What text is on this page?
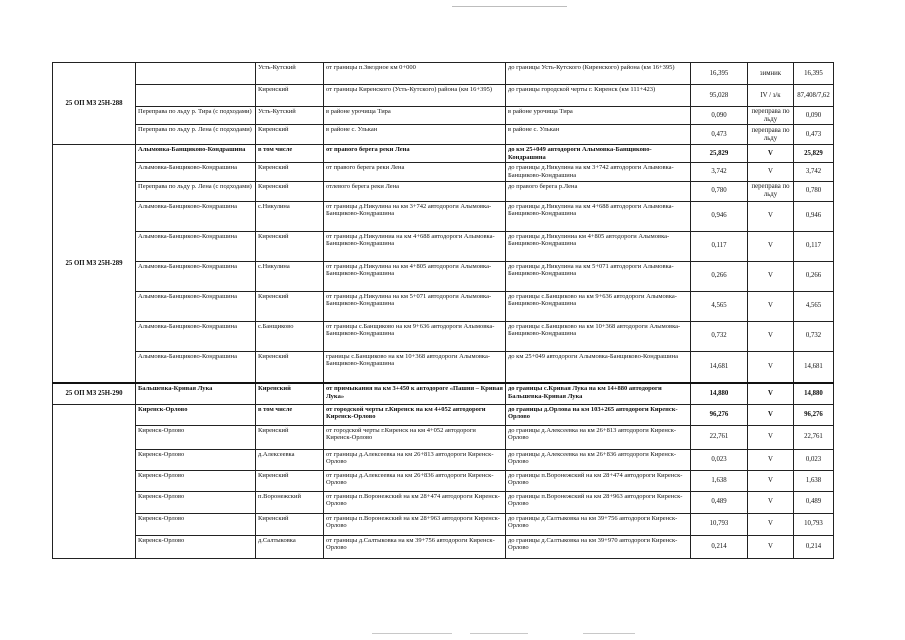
25 ОП МЗ 25Н-288		Усть-Кутский	от границы п.Звездное км 0+000	до границы Усть-Кутского (Киренского) района (км 16+395)	16,395	зимник	16,395
		Киренский	от границы Киренского (Усть-Кутского) района (км 16+395)	до границы городской черты г. Киренск (км 111+423)	95,028	IV / з/к	87,408/7,62
	Переправа по льду р. Тира (с подходами)	Усть-Кутский	в районе урочища Тира	в районе урочища Тира	0,090	переправа по льду	0,090
	Переправа по льду р. Лена (с подходами)	Киренский	в районе с. Улькан	в районе с. Улькан	0,473	переправа по льду	0,473
25 ОП МЗ 25Н-289	Алымовка-Банщиково-Кондрашина	в том числе	от правого берега реки Лена	до км 25+049 автодороги Алымовка-Банщиково-Кондрашина	25,829	V	25,829
	Алымовка-Банщиково-Кондрашина	Киренский	от правого берега реки Лена	до границы д.Никулина на км 3+742 автодороги Алымовка-Банщиково-Кондрашина	3,742	V	3,742
	Переправа по льду р. Лена (с подходами)	Киренский	отлевого берега реки Лена	до правого берега р.Лена	0,780	переправа по льду	0,780
	Алымовка-Банщиково-Кондрашина	с.Никулина	от границы д.Никулина на км 3+742 автодороги Алымовка-Банщиково-Кондрашина	до границы д.Никулина на км 4+688 автодороги Алымовка-Банщиково-Кондрашина	0,946	V	0,946
	Алымовка-Банщиково-Кондрашина	Киренский	от границы д.Никулиниа на км 4+688 автодороги Алымовка-Банщиково-Кондрашина	до границы д.Никулиниа км 4+805 автодороги Алымовка-Банщиково-Кондрашина	0,117	V	0,117
	Алымовка-Банщиково-Кондрашина	с.Никулина	от границы д.Никулина на км 4+805 автодороги Алымовка-Банщиково-Кондрашина	до границы д.Никулина на км 5+071 автодороги Алымовка-Банщиково-Кондрашина	0,266	V	0,266
	Алымовка-Банщиково-Кондрашина	Киренский	от границы д.Никулина на км 5+071 автодороги Алымовка-Банщиково-Кондрашина	до границы с.Банщиково на км 9+636 автодороги Алымовка-Банщиково-Кондрашина	4,565	V	4,565
	Алымовка-Банщиково-Кондрашина	с.Банщиково	от границы с.Банщиково на км 9+636 автодороги Алымовка-Банщиково-Кондрашина	до границы с.Банщиково на км 10+368 автодороги Алымовка-Банщиково-Кондрашина	0,732	V	0,732
	Алымовка-Банщиково-Кондрашина	Киренский	границы с.Банщиково на км 10+368 автодороги Алымовка-Банщиково-Кондрашина	до км 25+049 автодороги Алымовка-Банщиково-Кондрашина	14,681	V	14,681
25 ОП МЗ 25Н-290	Бальшевка-Кривая Лука	Киренский	от примыкания на км 3+450 к автодороге «Пашня – Кривая Лука»	до границы с.Кривая Лука на км 14+880 автодороги Бальшевка-Кривая Лука	14,880	V	14,880
	Киренск-Орлово	в том числе	от городской черты г.Киренск на км 4+052 автодороги Киренск-Орлово	до границы д.Орлова на км 103+265 автодороги Киренск-Орлово	96,276	V	96,276
	Киренск-Орлово	Киренский	от городской черты г.Киренск на км 4+052 автодороги Киренск-Орлово	до границы д.Алексеевка на км 26+813 автодороги Киренск-Орлово	22,761	V	22,761
	Киренск-Орлово	д.Алексеевка	от границы д.Алексеевка на км 26+813 автодороги Киренск-Орлово	до границы д.Алексеевка на км 26+836 автодороги Киренск-Орлово	0,023	V	0,023
	Киренск-Орлово	Киренский	от границы д.Алексеевка на км 26+836 автодороги Киренск-Орлово	до границы п.Воронежский на км 28+474 автодороги Киренск-Орлово	1,638	V	1,638
	Киренск-Орлово	п.Воронежский	от границы п.Воронежский на км 28+474 автодороги Киренск-Орлово	до границы п.Воронежский на км 28+963 автодороги Киренск-Орлово	0,489	V	0,489
	Киренск-Орлово	Киренский	от границы п.Воронежский на км 28+963 автодороги Киренск-Орлово	до границы д.Салтыковка на км 39+756 автодороги Киренск-Орлово	10,793	V	10,793
	Киренск-Орлово	д.Салтыковка	от границы д.Салтыковка на км 39+756 автодороги Киренск-Орлово	до границы д.Салтыковка на км 39+970 автодороги Киренск-Орлово	0,214	V	0,214
